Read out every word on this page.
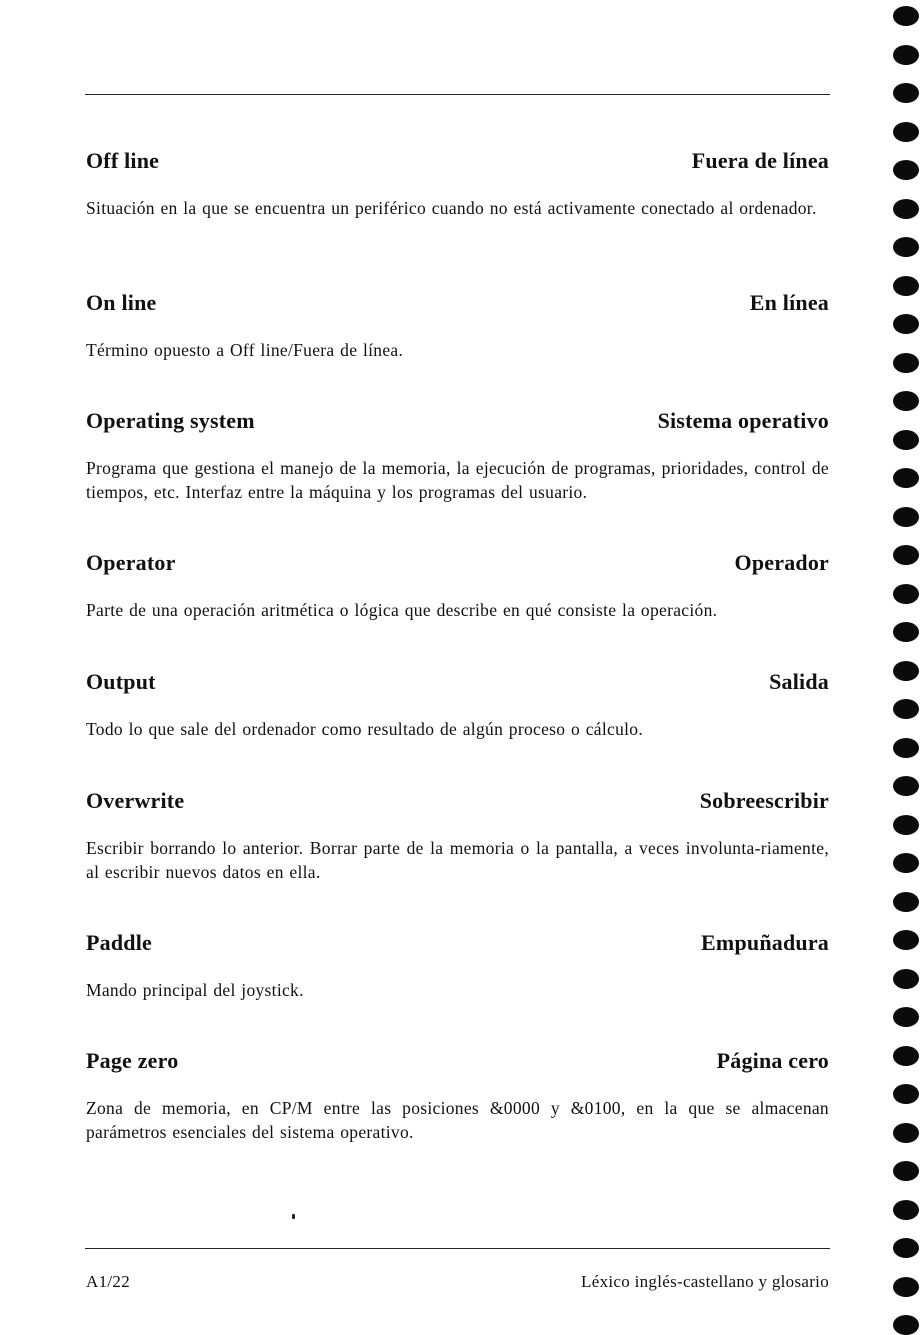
Off line	Fuera de línea
Situación en la que se encuentra un periférico cuando no está activamente conectado al ordenador.
On line	En línea
Término opuesto a Off line/Fuera de línea.
Operating system	Sistema operativo
Programa que gestiona el manejo de la memoria, la ejecución de programas, prioridades, control de tiempos, etc. Interfaz entre la máquina y los programas del usuario.
Operator	Operador
Parte de una operación aritmética o lógica que describe en qué consiste la operación.
Output	Salida
Todo lo que sale del ordenador como resultado de algún proceso o cálculo.
Overwrite	Sobreescribir
Escribir borrando lo anterior. Borrar parte de la memoria o la pantalla, a veces involunta-riamente, al escribir nuevos datos en ella.
Paddle	Empuñadura
Mando principal del joystick.
Page zero	Página cero
Zona de memoria, en CP/M entre las posiciones &0000 y &0100, en la que se almacenan parámetros esenciales del sistema operativo.
A1/22	Léxico inglés-castellano y glosario
